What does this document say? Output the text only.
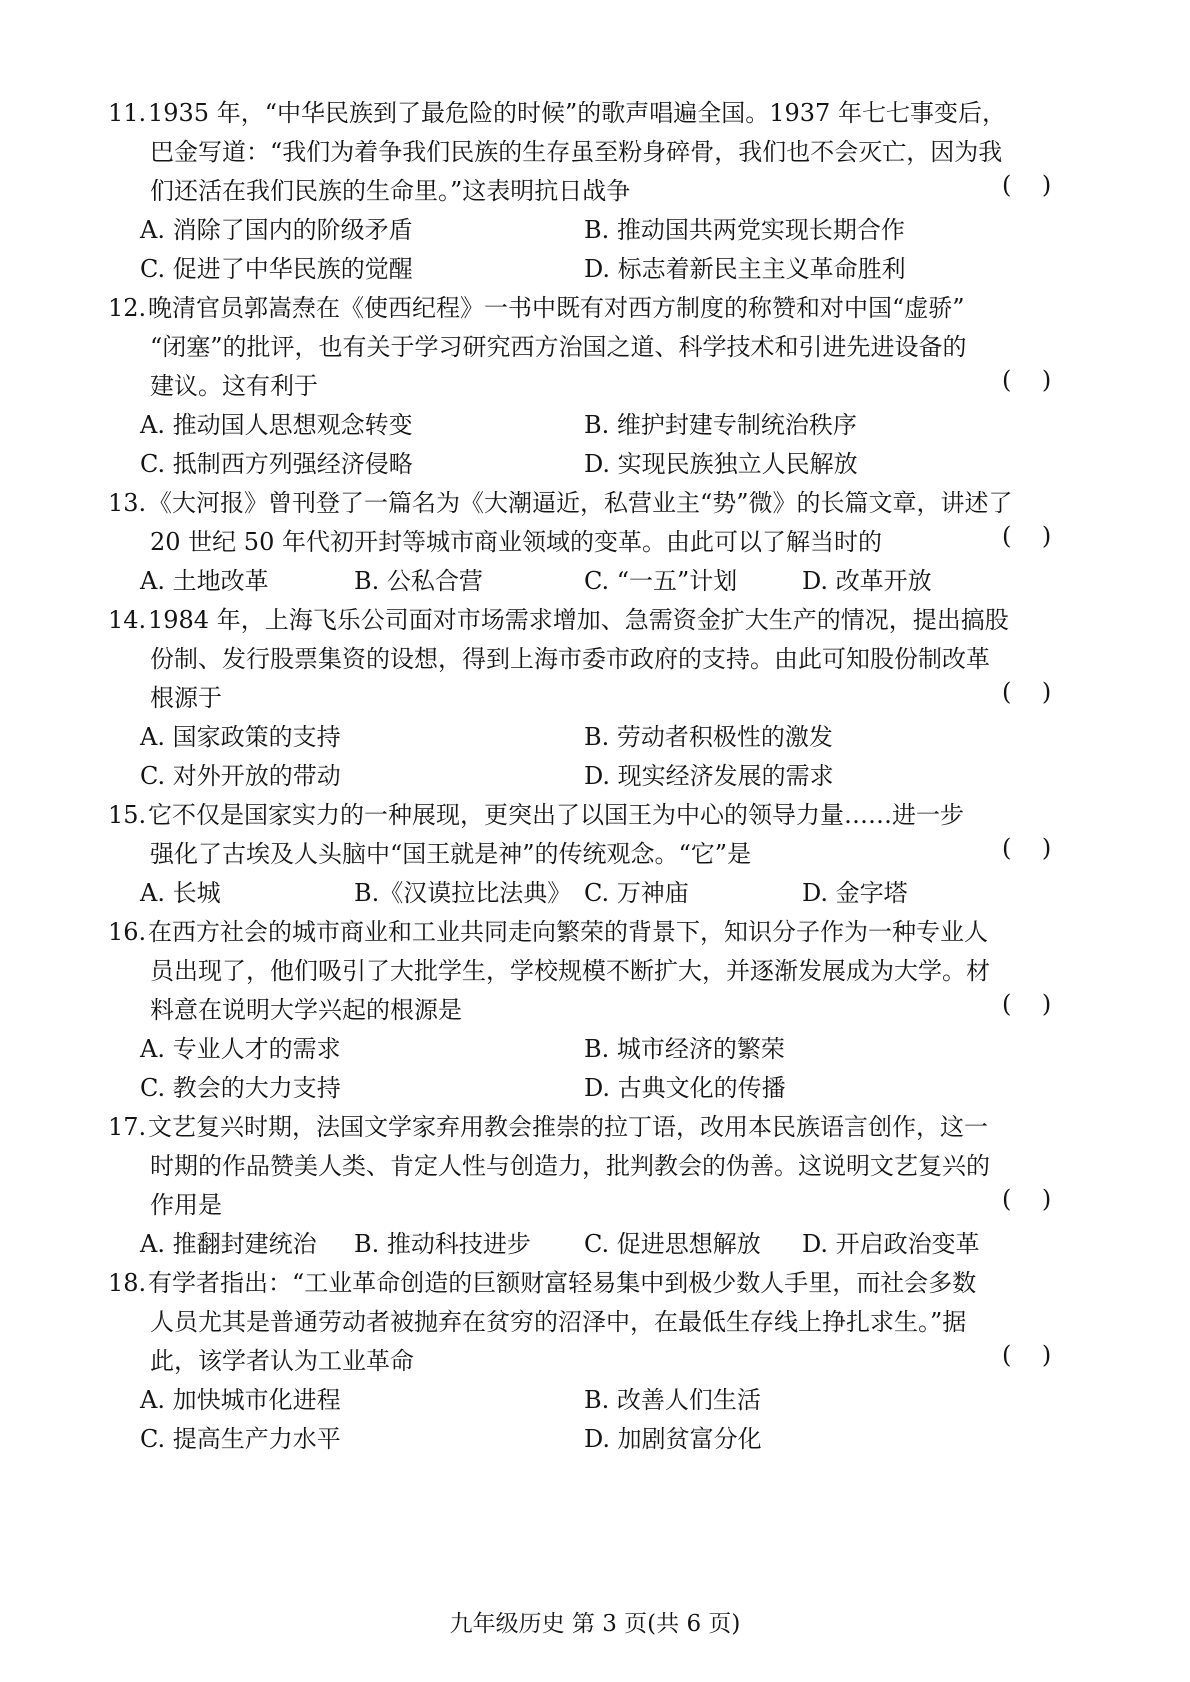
11.1935 年，“中华民族到了最危险的时候”的歌声唱遍全国。1937 年七七事变后，
巴金写道：“我们为着争我们民族的生存虽至粉身碎骨，我们也不会灭亡，因为我
们还活在我们民族的生命里。”这表明抗日战争	(    )
A. 消除了国内的阶级矛盾	B. 推动国共两党实现长期合作
C. 促进了中华民族的觉醒	D. 标志着新民主主义革命胜利
12.晚清官员郭嵩焘在《使西纪程》一书中既有对西方制度的称赞和对中国“虚骄”
“闭塞”的批评，也有关于学习研究西方治国之道、科学技术和引进先进设备的
建议。这有利于	(    )
A. 推动国人思想观念转变	B. 维护封建专制统治秩序
C. 抵制西方列强经济侵略	D. 实现民族独立人民解放
13.《大河报》曾刊登了一篇名为《大潮逼近，私营业主“势”微》的长篇文章，讲述了
20 世纪 50 年代初开封等城市商业领域的变革。由此可以了解当时的	(    )
A. 土地改革	B. 公私合营	C. “一五”计划	D. 改革开放
14.1984 年，上海飞乐公司面对市场需求增加、急需资金扩大生产的情况，提出搞股
份制、发行股票集资的设想，得到上海市委市政府的支持。由此可知股份制改革
根源于	(    )
A. 国家政策的支持	B. 劳动者积极性的激发
C. 对外开放的带动	D. 现实经济发展的需求
15.它不仅是国家实力的一种展现，更突出了以国王为中心的领导力量……进一步
强化了古埃及人头脑中“国王就是神”的传统观念。“它”是	(    )
A. 长城	B.《汉谟拉比法典》 C. 万神庙	D. 金字塔
16.在西方社会的城市商业和工业共同走向繁荣的背景下，知识分子作为一种专业人
员出现了，他们吸引了大批学生，学校规模不断扩大，并逐渐发展成为大学。材
料意在说明大学兴起的根源是	(    )
A. 专业人才的需求	B. 城市经济的繁荣
C. 教会的大力支持	D. 古典文化的传播
17.文艺复兴时期，法国文学家弃用教会推崇的拉丁语，改用本民族语言创作，这一
时期的作品赞美人类、肯定人性与创造力，批判教会的伪善。这说明文艺复兴的
作用是	(    )
A. 推翻封建统治 B. 推动科技进步 C. 促进思想解放 D. 开启政治变革
18.有学者指出：“工业革命创造的巨额财富轻易集中到极少数人手里，而社会多数
人员尤其是普通劳动者被抛弃在贫穷的沼泽中，在最低生存线上挣扎求生。”据
此，该学者认为工业革命	(    )
A. 加快城市化进程	B. 改善人们生活
C. 提高生产力水平	D. 加剧贫富分化
九年级历史 第 3 页(共 6 页)
